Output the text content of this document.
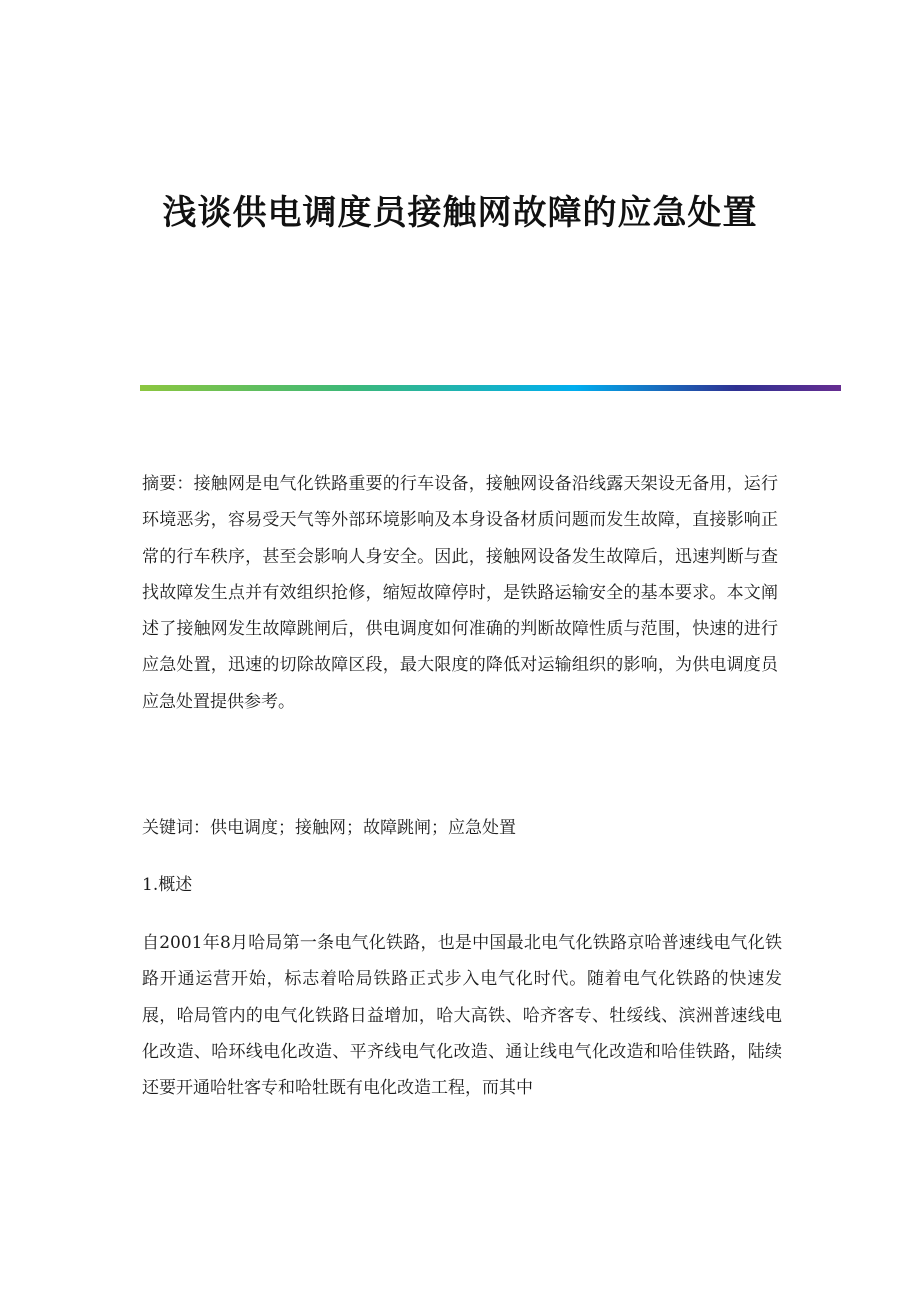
浅谈供电调度员接触网故障的应急处置

摘要：接触网是电气化铁路重要的行车设备，接触网设备沿线露天架设无备用，运行环境恶劣，容易受天气等外部环境影响及本身设备材质问题而发生故障，直接影响正常的行车秩序，甚至会影响人身安全。因此，接触网设备发生故障后，迅速判断与查找故障发生点并有效组织抢修，缩短故障停时，是铁路运输安全的基本要求。本文阐述了接触网发生故障跳闸后，供电调度如何准确的判断故障性质与范围，快速的进行应急处置，迅速的切除故障区段，最大限度的降低对运输组织的影响，为供电调度员应急处置提供参考。

关键词：供电调度；接触网；故障跳闸；应急处置

1.概述

自2001年8月哈局第一条电气化铁路，也是中国最北电气化铁路京哈普速线电气化铁路开通运营开始，标志着哈局铁路正式步入电气化时代。随着电气化铁路的快速发展，哈局管内的电气化铁路日益增加，哈大高铁、哈齐客专、牡绥线、滨洲普速线电化改造、哈环线电化改造、平齐线电气化改造、通让线电气化改造和哈佳铁路，陆续还要开通哈牡客专和哈牡既有电化改造工程，而其中
